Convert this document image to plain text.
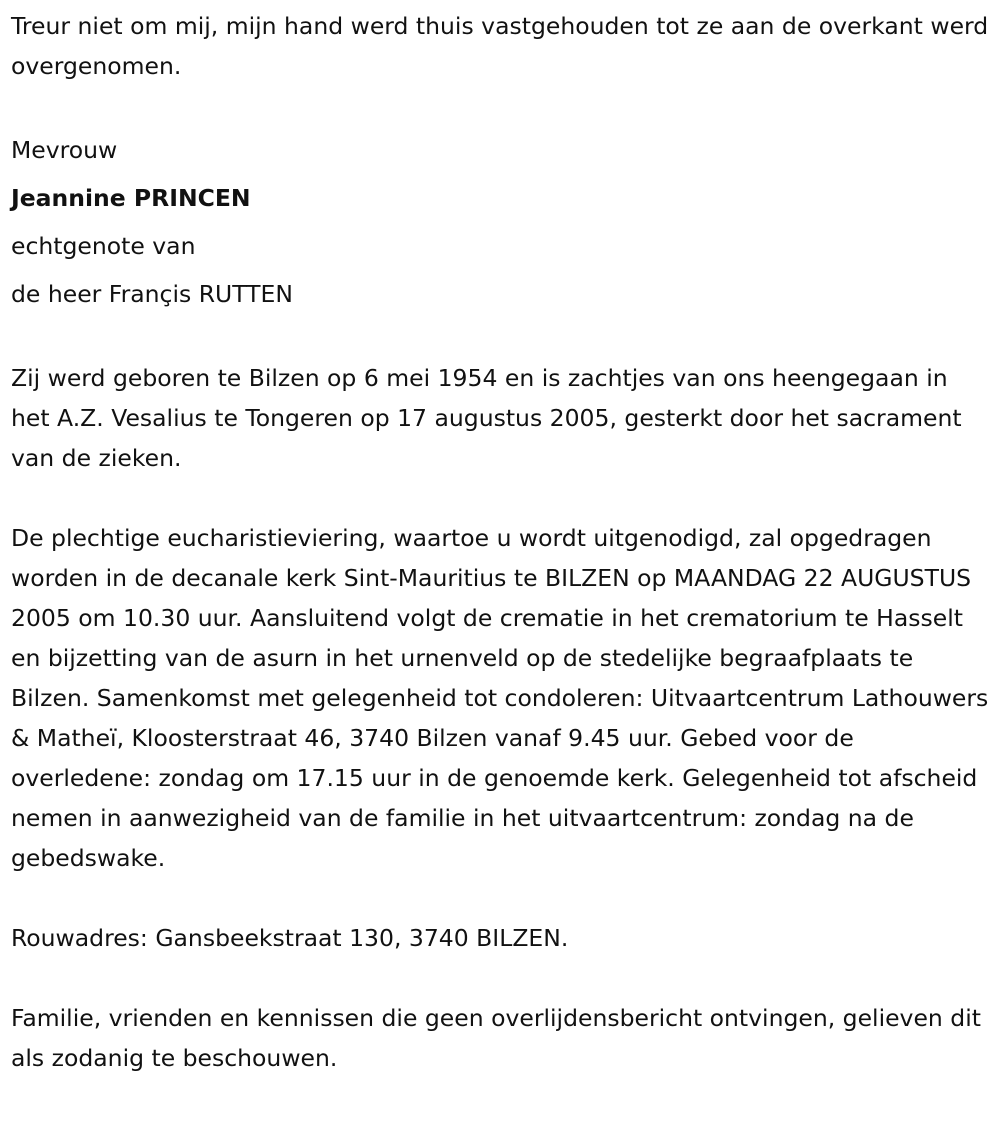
Treur niet om mij, mijn hand werd thuis vastgehouden tot ze aan de overkant werd overgenomen.

Mevrouw

Jeannine PRINCEN

echtgenote van

de heer Françis RUTTEN

Zij werd geboren te Bilzen op 6 mei 1954 en is zachtjes van ons heengegaan in het A.Z. Vesalius te Tongeren op 17 augustus 2005, gesterkt door het sacrament van de zieken.

De plechtige eucharistieviering, waartoe u wordt uitgenodigd, zal opgedragen worden in de decanale kerk Sint-Mauritius te BILZEN op MAANDAG 22 AUGUSTUS 2005 om 10.30 uur. Aansluitend volgt de crematie in het crematorium te Hasselt en bijzetting van de asurn in het urnenveld op de stedelijke begraafplaats te Bilzen. Samenkomst met gelegenheid tot condoleren: Uitvaartcentrum Lathouwers & Matheï, Kloosterstraat 46, 3740 Bilzen vanaf 9.45 uur. Gebed voor de overledene: zondag om 17.15 uur in de genoemde kerk. Gelegenheid tot afscheid nemen in aanwezigheid van de familie in het uitvaartcentrum: zondag na de gebedswake.

Rouwadres: Gansbeekstraat 130, 3740 BILZEN.

Familie, vrienden en kennissen die geen overlijdensbericht ontvingen, gelieven dit als zodanig te beschouwen.
